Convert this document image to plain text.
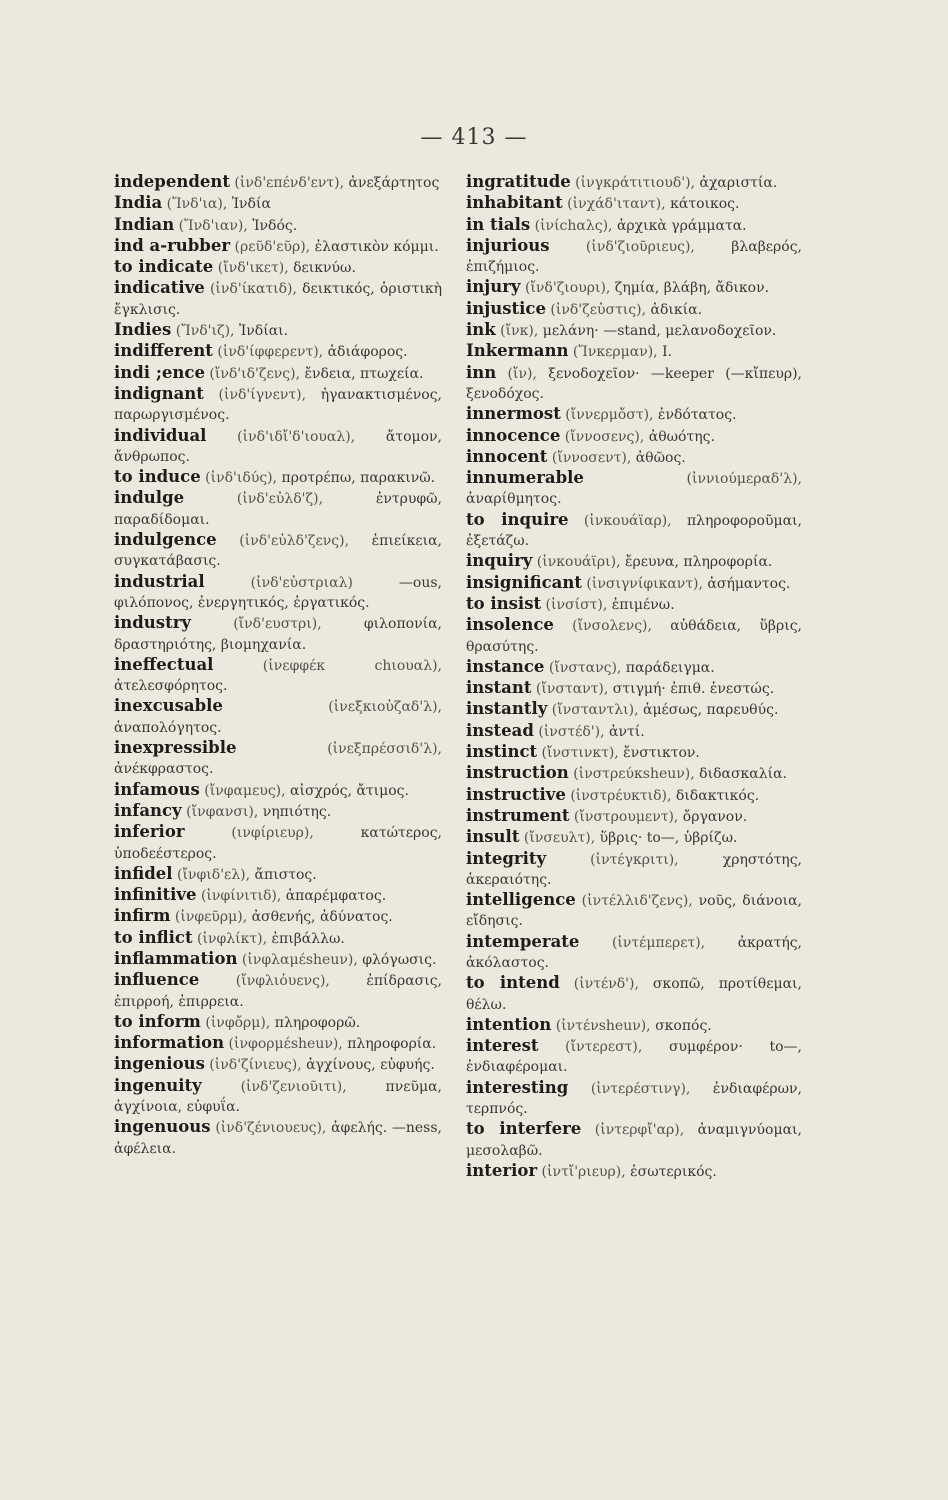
— 413 —
independent (ἰνδ'επένδ'εντ), ἀνεξάρτητος
India (Ἴνδ'ια), Ἰνδία
Indian (Ἴνδ'ιαν), Ἰνδός.
ind a-rubber (ρεῦδ'εῦρ), ἐλαστικὸν κόμμι.
to indicate (ἴνδ'ικετ), δεικνύω.
indicative (ἰνδ'ίκατιδ), δεικτικός, ὁριστικὴ ἔγκλισις.
Indies (Ἴνδ'ιζ), Ἰνδίαι.
indifferent (ἰνδ'ίφφερεντ), ἀδιάφορος.
indi ;ence (ἴνδ'ιδ'ζενς), ἔνδεια, πτωχεία.
indignant (ἰνδ'ίγνεντ), ἠγανακτισμένος, παρωργισμένος.
individual (ἰνδ'ιδἴ'δ'ιουαλ), ἄτομον, ἄνθρωπος.
to induce (ἰνδ'ιδύς), προτρέπω, παρακινῶ.
indulge (ἰνδ'εὐλδ'ζ), ἐντρυφῶ, παραδίδομαι.
indulgence (ἰνδ'εὐλδ'ζενς), ἐπιείκεια, συγκατάβασις.
industrial (ἰνδ'εὐστριαλ) —ous, φιλόπονος, ἐνεργητικός, ἐργατικός.
industry (ἴνδ'ευστρι), φιλοπονία, δραστηριότης, βιομηχανία.
ineffectual (ἰνεφφέκ chιουαλ), ἀτελεσφόρητος.
inexcusable (ἰνεξκιοὐζαδ'λ), ἀναπολόγητος.
inexpressible (ἰνεξπρέσσιδ'λ), ἀνέκφραστος.
infamous (ἴνφαμευς), αἰσχρός, ἄτιμος.
infancy (ἴνφανσι), νηπιότης.
inferior (ινφίριευρ), κατώτερος, ὑποδεέστερος.
infidel (ἴνφιδ'ελ), ἄπιστος.
infinitive (ἰνφίνιτιδ), ἀπαρέμφατος.
infirm (ἰνφεῦρμ), ἀσθενής, ἀδύνατος.
to inflict (ἰνφλίκτ), ἐπιβάλλω.
inflammation (ἰνφλαμέsheuν), φλόγωσις.
influence (ἴνφλιὀυενς), ἐπίδρασις, ἐπιρροή, ἐπιρρεια.
to inform (ἰνφὄρμ), πληροφορῶ.
information (ἰνφορμέsheuν), πληροφορία.
ingenious (ἰνδ'ζίνιευς), ἀγχίνους, εὐφυής.
ingenuity (ἰνδ'ζενιοῦιτι), πνεῦμα, ἀγχίνοια, εὐφυΐα.
ingenuous (ἰνδ'ζένιουευς), ἀφελής. —ness, ἀφέλεια.
ingratitude (ἰνγκράτιτιουδ'), ἀχαριστία.
inhabitant (ἰνχάδ'ιταντ), κάτοικος.
in tials (ἰνίchαλς), ἀρχικὰ γράμματα.
injurious (ἰνδ'ζιοῦριευς), βλαβερός, ἐπιζήμιος.
injury (ἴνδ'ζιουρι), ζημία, βλάβη, ἄδικον.
injustice (ἰνδ'ζεὐστις), ἀδικία.
ink (ἴνκ), μελάνη· —stand, μελανοδοχεῖον.
Inkermann (Ἴνκερμαν), Ι.
inn (ἴν), ξενοδοχεῖον· —keeper (—κἴπευρ), ξενοδόχος.
innermost (ἴννερμὄστ), ἐνδότατος.
innocence (ἴννοσενς), ἀθωότης.
innocent (ἴννοσεντ), ἀθῶος.
innumerable (ἰννιούμεραδ'λ), ἀναρίθμητος.
to inquire (ἰνκουάϊαρ), πληροφοροῦμαι, ἐξετάζω.
inquiry (ἰνκουάϊρι), ἔρευνα, πληροφορία.
insignificant (ἰνσιγνίφικαντ), ἀσήμαντος.
to insist (ἰνσίστ), ἐπιμένω.
insolence (ἴνσολενς), αὐθάδεια, ὕβρις, θρασύτης.
instance (ἴνστανς), παράδειγμα.
instant (ἴνσταντ), στιγμή· ἐπιθ. ἐνεστώς.
instantly (ἴνσταντλι), ἀμέσως, παρευθύς.
instead (ἰνστέδ'), ἀντί.
instinct (ἴνστινκτ), ἔνστικτον.
instruction (ἰνστρεύκsheuν), διδασκαλία.
instructive (ἰνστρέυκτιδ), διδακτικός.
instrument (ἴνστρουμεντ), ὄργανον.
insult (ἴνσευλτ), ὕβρις· to—, ὑβρίζω.
integrity (ἰντέγκριτι), χρηστότης, ἀκεραιότης.
intelligence (ἰντέλλιδ'ζενς), νοῦς, διάνοια, εἴδησις.
intemperate (ἰντέμπερετ), ἀκρατής, ἀκόλαστος.
to intend (ἰντένδ'), σκοπῶ, προτίθεμαι, θέλω.
intention (ἰντένsheuν), σκοπός.
interest (ἴντερεστ), συμφέρον· to—, ἐνδιαφέρομαι.
interesting (ἰντερέστινγ), ἐνδιαφέρων, τερπνός.
to interfere (ἰντερφἴ'αρ), ἀναμιγνύομαι, μεσολαβῶ.
interior (ἰντἴ'ριευρ), ἐσωτερικός.
